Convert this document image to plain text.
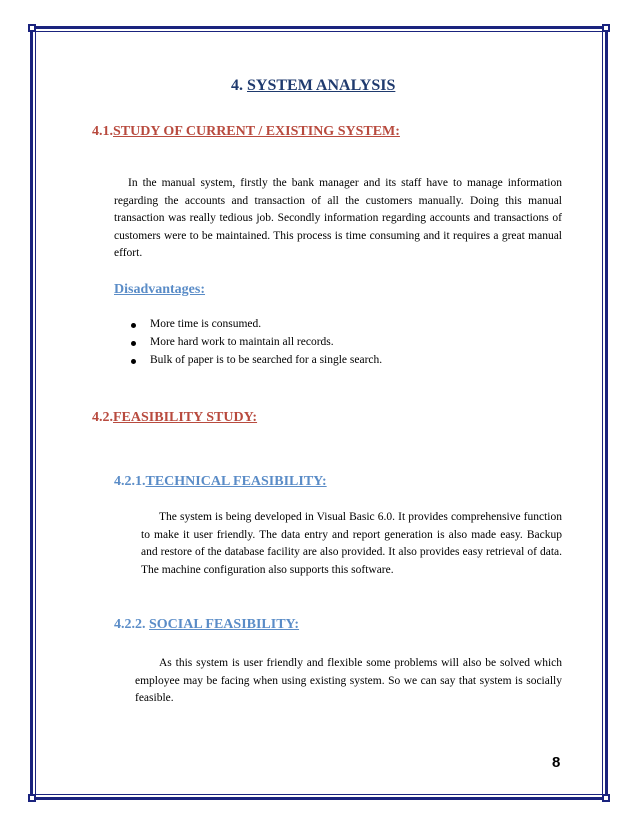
4. SYSTEM ANALYSIS
4.1.STUDY OF CURRENT / EXISTING SYSTEM:
In the manual system, firstly the bank manager and its staff have to manage information regarding the accounts and transaction of all the customers manually. Doing this manual transaction was really tedious job. Secondly information regarding accounts and transactions of customers were to be maintained. This process is time consuming and it requires a great manual effort.
Disadvantages:
More time is consumed.
More hard work to maintain all records.
Bulk of paper is to be searched for a single search.
4.2.FEASIBILITY STUDY:
4.2.1.TECHNICAL FEASIBILITY:
The system is being developed in Visual Basic 6.0. It provides comprehensive function to make it user friendly. The data entry and report generation is also made easy. Backup and restore of the database facility are also provided. It also provides easy retrieval of data. The machine configuration also supports this software.
4.2.2. SOCIAL FEASIBILITY:
As this system is user friendly and flexible some problems will also be solved which employee may be facing when using existing system. So we can say that system is socially feasible.
8
